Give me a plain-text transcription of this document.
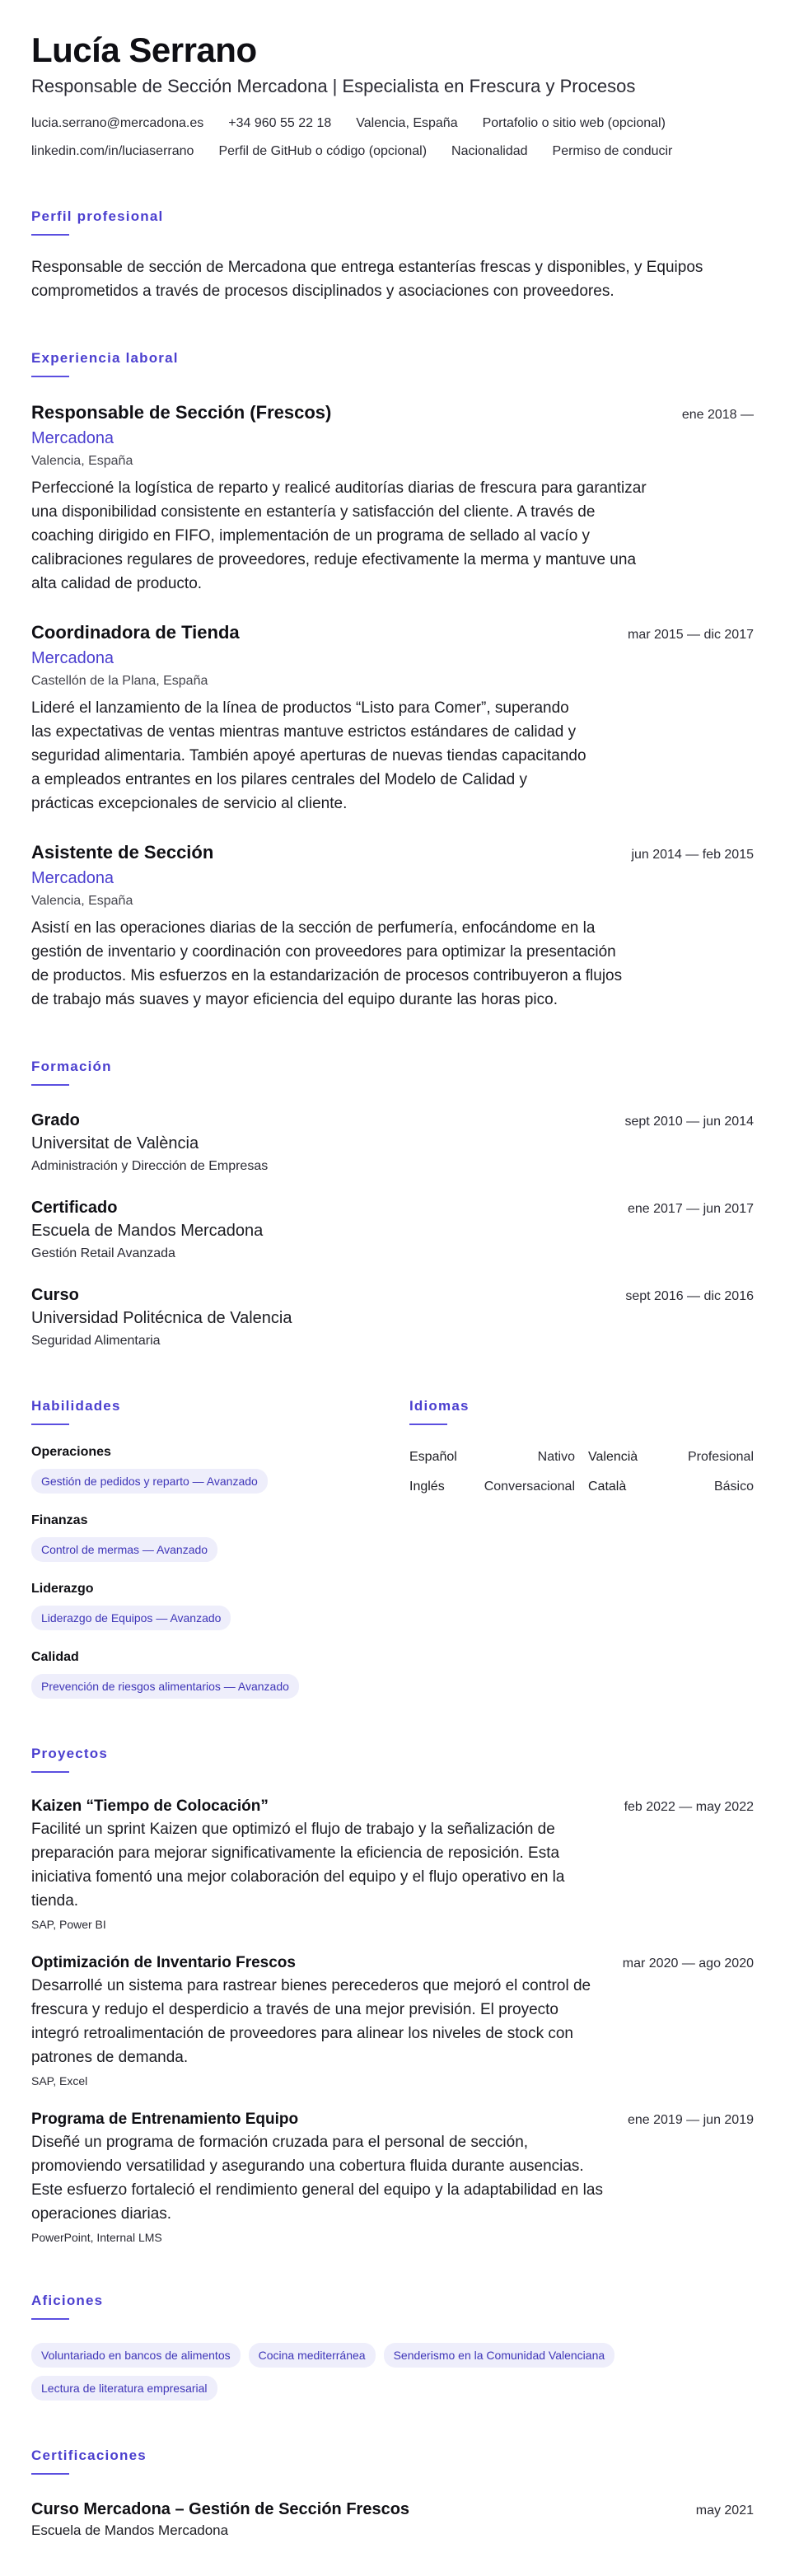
Lucía Serrano
Responsable de Sección Mercadona | Especialista en Frescura y Procesos
lucia.serrano@mercadona.es +34 960 55 22 18 Valencia, España Portafolio o sitio web (opcional)
linkedin.com/in/luciaserrano Perfil de GitHub o código (opcional) Nacionalidad Permiso de conducir
Perfil profesional

Responsable de sección de Mercadona que entrega estanterías frescas y disponibles, y Equipos comprometidos a través de procesos disciplinados y asociaciones con proveedores.

Experiencia laboral
Responsable de Sección (Frescos)	ene 2018 —
Mercadona
Valencia, España

Perfeccioné la logística de reparto y realicé auditorías diarias de frescura para garantizar una disponibilidad consistente en estantería y satisfacción del cliente. A través de coaching dirigido en FIFO, implementación de un programa de sellado al vacío y calibraciones regulares de proveedores, reduje efectivamente la merma y mantuve una alta calidad de producto.

Coordinadora de Tienda	mar 2015 — dic 2017
Mercadona
Castellón de la Plana, España

Lideré el lanzamiento de la línea de productos “Listo para Comer”, superando las expectativas de ventas mientras mantuve estrictos estándares de calidad y seguridad alimentaria. También apoyé aperturas de nuevas tiendas capacitando a empleados entrantes en los pilares centrales del Modelo de Calidad y prácticas excepcionales de servicio al cliente.

Asistente de Sección	jun 2014 — feb 2015
Mercadona
Valencia, España

Asistí en las operaciones diarias de la sección de perfumería, enfocándome en la gestión de inventario y coordinación con proveedores para optimizar la presentación de productos. Mis esfuerzos en la estandarización de procesos contribuyeron a flujos de trabajo más suaves y mayor eficiencia del equipo durante las horas pico.

Formación
Grado	sept 2010 — jun 2014
Universitat de València
Administración y Dirección de Empresas
Certificado	ene 2017 — jun 2017
Escuela de Mandos Mercadona
Gestión Retail Avanzada
Curso	sept 2016 — dic 2016
Universidad Politécnica de Valencia
Seguridad Alimentaria
Habilidades
Operaciones
Gestión de pedidos y reparto — Avanzado
Finanzas
Control de mermas — Avanzado
Liderazgo
Liderazgo de Equipos — Avanzado
Calidad
Prevención de riesgos alimentarios — Avanzado
Idiomas
Español	Nativo Valencià	Profesional
Inglés	Conversacional Català	Básico
Proyectos
Kaizen “Tiempo de Colocación”	feb 2022 — may 2022

Facilité un sprint Kaizen que optimizó el flujo de trabajo y la señalización de preparación para mejorar significativamente la eficiencia de reposición. Esta iniciativa fomentó una mejor colaboración del equipo y el flujo operativo en la tienda.

SAP, Power BI
Optimización de Inventario Frescos	mar 2020 — ago 2020

Desarrollé un sistema para rastrear bienes perecederos que mejoró el control de frescura y redujo el desperdicio a través de una mejor previsión. El proyecto integró retroalimentación de proveedores para alinear los niveles de stock con patrones de demanda.

SAP, Excel
Programa de Entrenamiento Equipo	ene 2019 — jun 2019

Diseñé un programa de formación cruzada para el personal de sección, promoviendo versatilidad y asegurando una cobertura fluida durante ausencias. Este esfuerzo fortaleció el rendimiento general del equipo y la adaptabilidad en las operaciones diarias.

PowerPoint, Internal LMS
Aficiones
Voluntariado en bancos de alimentos	Cocina mediterránea	Senderismo en la Comunidad Valenciana
Lectura de literatura empresarial
Certificaciones
Curso Mercadona – Gestión de Sección Frescos	may 2021
Escuela de Mandos Mercadona
